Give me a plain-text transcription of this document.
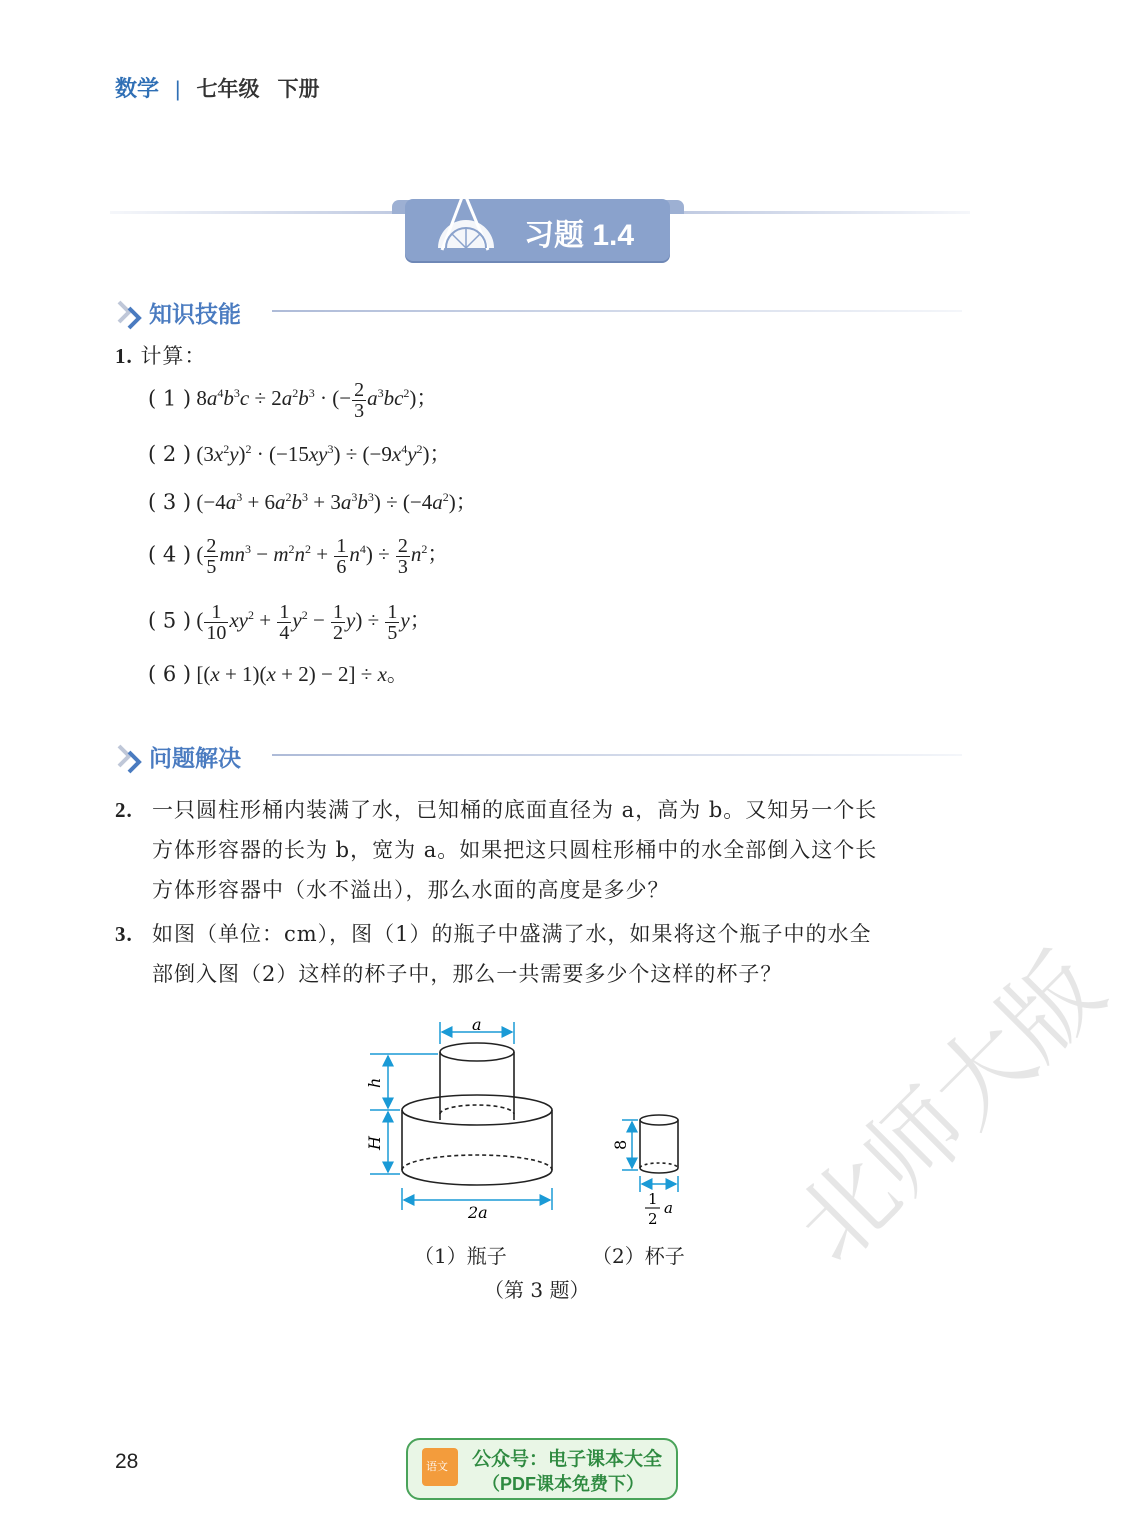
数学 | 七年级 下册
习题 1.4
知识技能
1. 计算：
( 1 ) $8a^4b^3c \div 2a^2b^3$ · (− $\frac{2}{3} a^3bc^2$)；
( 2 ) $(3x^2y)^2 \cdot (-15xy^3) \div (-9x^4y^2)$；
( 3 ) $(-4a^3 + 6a^2b^3 + 3a^3b^3) \div (-4a^2)$；
( 4 ) ( $\frac{2}{5} mn^3 - m^2n^2 + \frac{1}{6} n^4) \div \frac{2}{3} n^2$；
( 5 ) ( $\frac{1}{10} xy^2 + \frac{1}{4} y^2 - \frac{1}{2} y) \div \frac{1}{5}$ y；
( 6 ) [(x + 1)(x + 2) − 2] ÷ x。
问题解决
2. 一只圆柱形桶内装满了水，已知桶的底面直径为 a，高为 b。又知另一个长
方体形容器的长为 b，宽为 a。如果把这只圆柱形桶中的水全部倒入这个长
方体形容器中（水不溢出），那么水面的高度是多少？
3. 如图（单位：cm），图（1）的瓶子中盛满了水，如果将这个瓶子中的水全
部倒入图（2）这样的杯子中，那么一共需要多少个这样的杯子？
a
h
H
2a
8
1
2
a
（1）瓶子	（2）杯子
（第 3 题）
28	语文 公众号：电子课本大全
（PDF课本免费下）
北师大版
